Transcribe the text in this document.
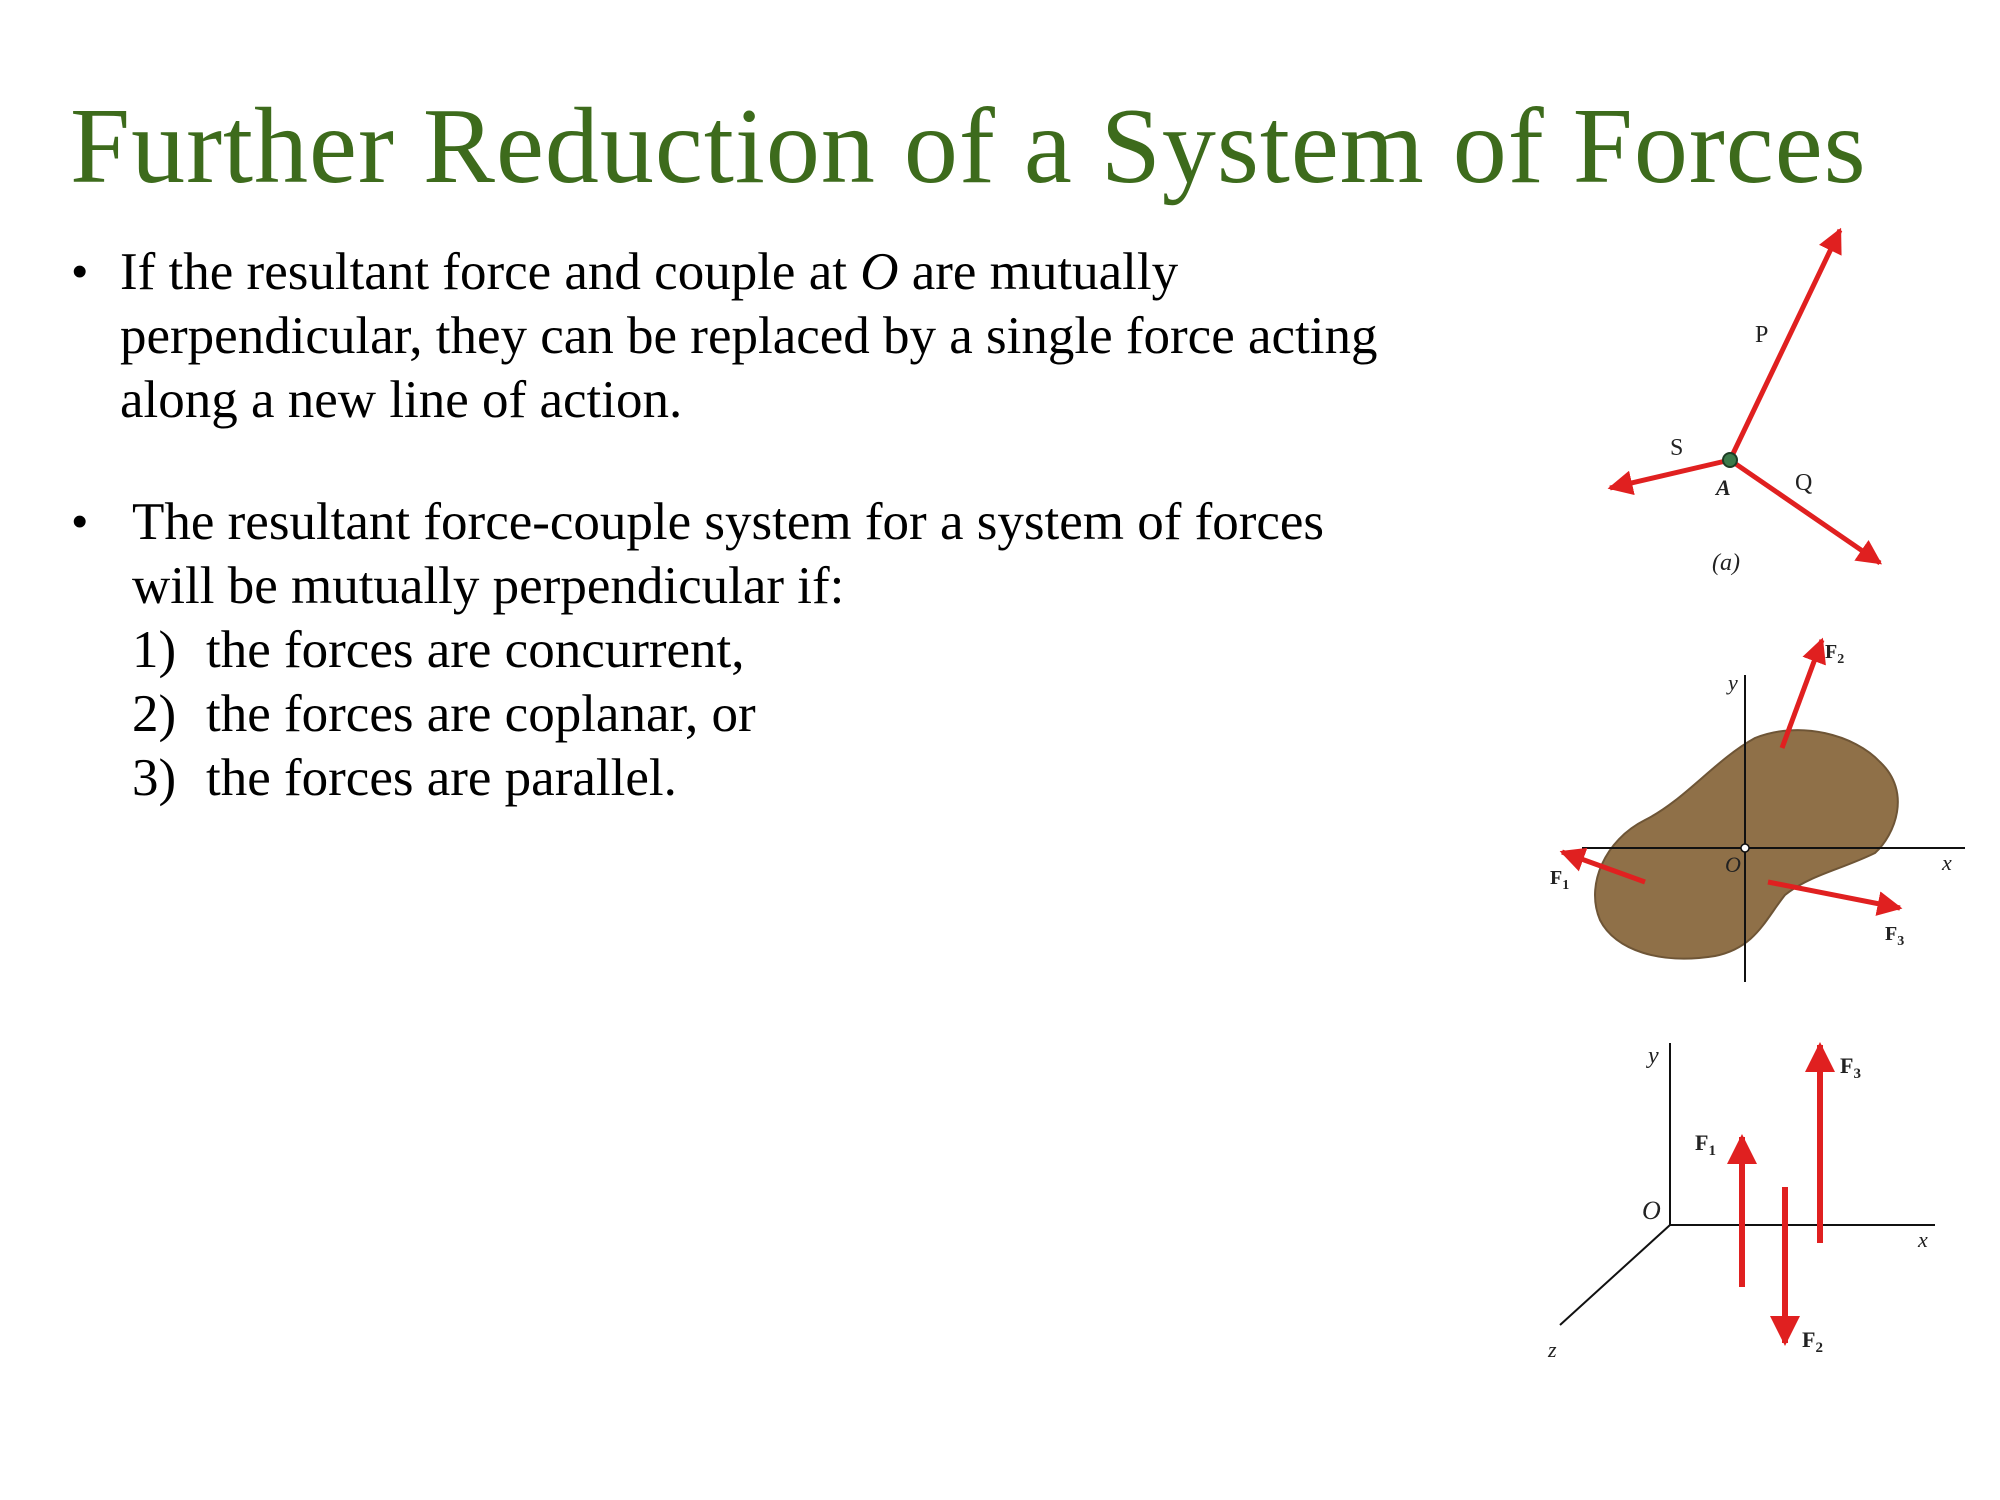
Further Reduction of a System of Forces
• If the resultant force and couple at O are mutually
perpendicular, they can be replaced by a single force acting
along a new line of action.
• The resultant force-couple system for a system of forces
will be mutually perpendicular if:
1) the forces are concurrent,
2) the forces are coplanar, or
3) the forces are parallel.
P
S
A	Q
(a)
y
x
O
$F_2$
$F_1$
$F_3$
y
x
z
O
$F_1$
$F_2$
$F_3$
